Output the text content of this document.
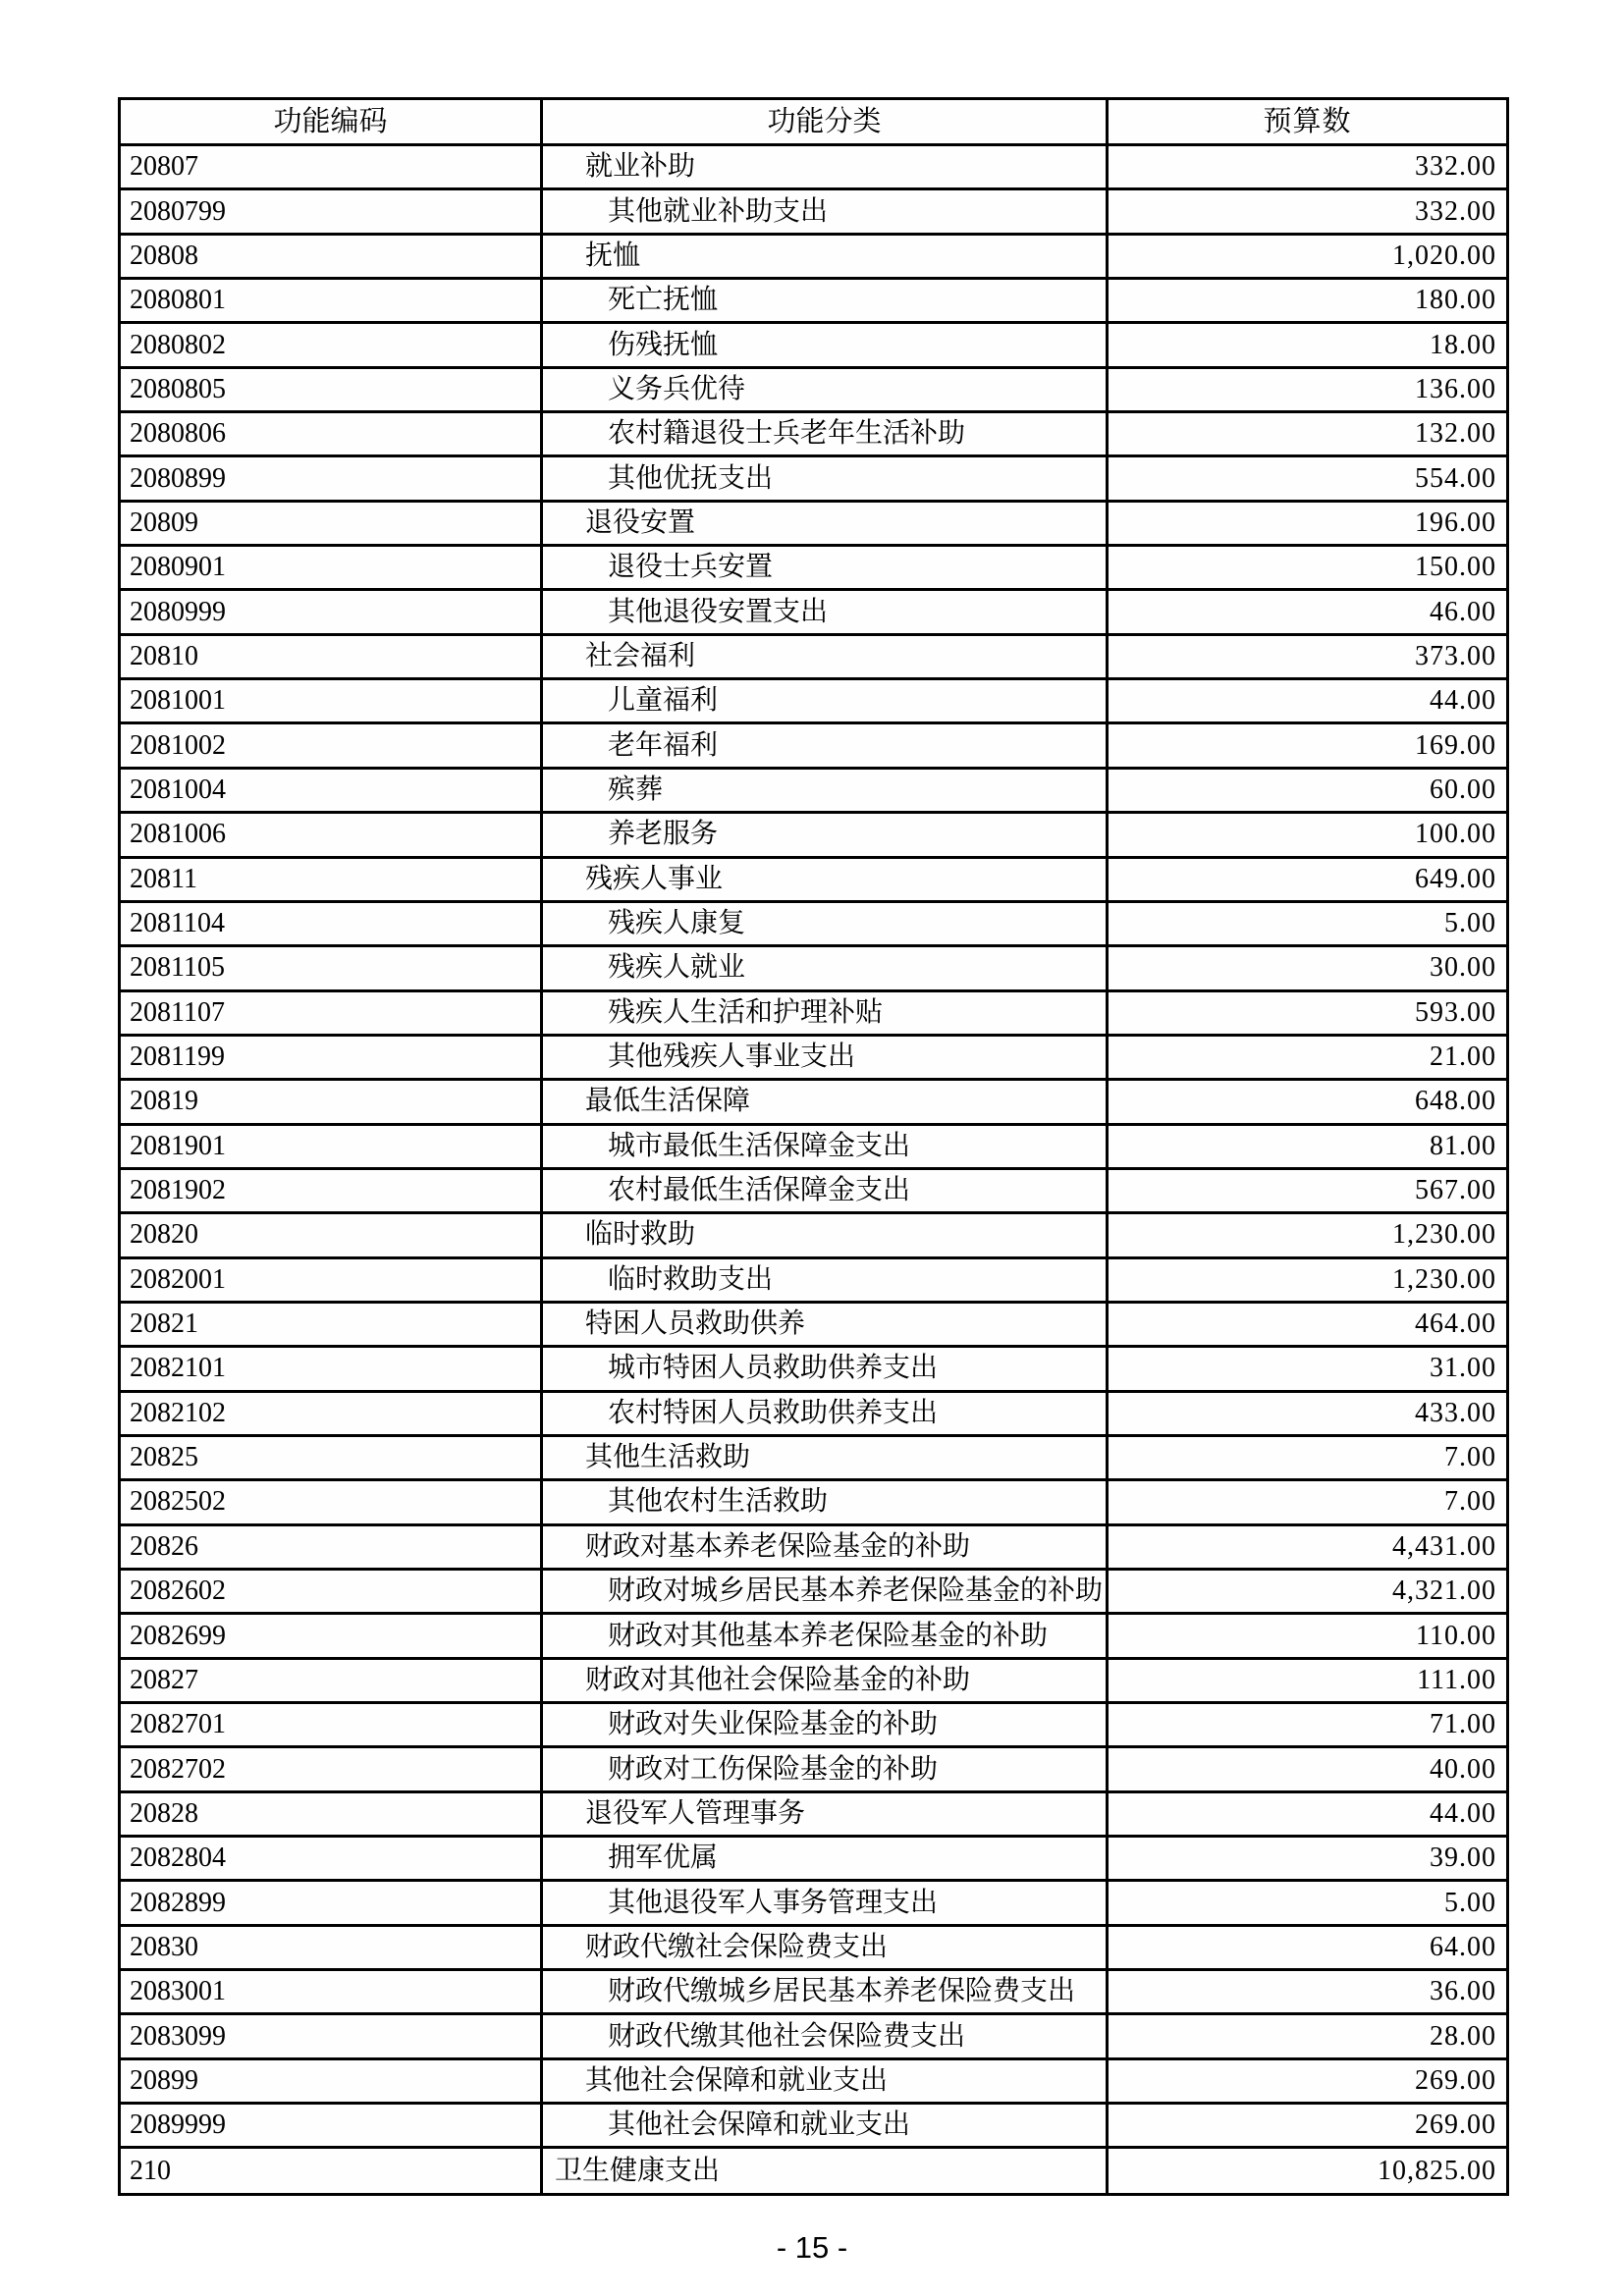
功能编码	功能分类	预算数
20807	就业补助	332.00
2080799	其他就业补助支出	332.00
20808	抚恤	1,020.00
2080801	死亡抚恤	180.00
2080802	伤残抚恤	18.00
2080805	义务兵优待	136.00
2080806	农村籍退役士兵老年生活补助	132.00
2080899	其他优抚支出	554.00
20809	退役安置	196.00
2080901	退役士兵安置	150.00
2080999	其他退役安置支出	46.00
20810	社会福利	373.00
2081001	儿童福利	44.00
2081002	老年福利	169.00
2081004	殡葬	60.00
2081006	养老服务	100.00
20811	残疾人事业	649.00
2081104	残疾人康复	5.00
2081105	残疾人就业	30.00
2081107	残疾人生活和护理补贴	593.00
2081199	其他残疾人事业支出	21.00
20819	最低生活保障	648.00
2081901	城市最低生活保障金支出	81.00
2081902	农村最低生活保障金支出	567.00
20820	临时救助	1,230.00
2082001	临时救助支出	1,230.00
20821	特困人员救助供养	464.00
2082101	城市特困人员救助供养支出	31.00
2082102	农村特困人员救助供养支出	433.00
20825	其他生活救助	7.00
2082502	其他农村生活救助	7.00
20826	财政对基本养老保险基金的补助	4,431.00
2082602	财政对城乡居民基本养老保险基金的补助	4,321.00
2082699	财政对其他基本养老保险基金的补助	110.00
20827	财政对其他社会保险基金的补助	111.00
2082701	财政对失业保险基金的补助	71.00
2082702	财政对工伤保险基金的补助	40.00
20828	退役军人管理事务	44.00
2082804	拥军优属	39.00
2082899	其他退役军人事务管理支出	5.00
20830	财政代缴社会保险费支出	64.00
2083001	财政代缴城乡居民基本养老保险费支出	36.00
2083099	财政代缴其他社会保险费支出	28.00
20899	其他社会保障和就业支出	269.00
2089999	其他社会保障和就业支出	269.00
210	卫生健康支出	10,825.00
- 15 -
